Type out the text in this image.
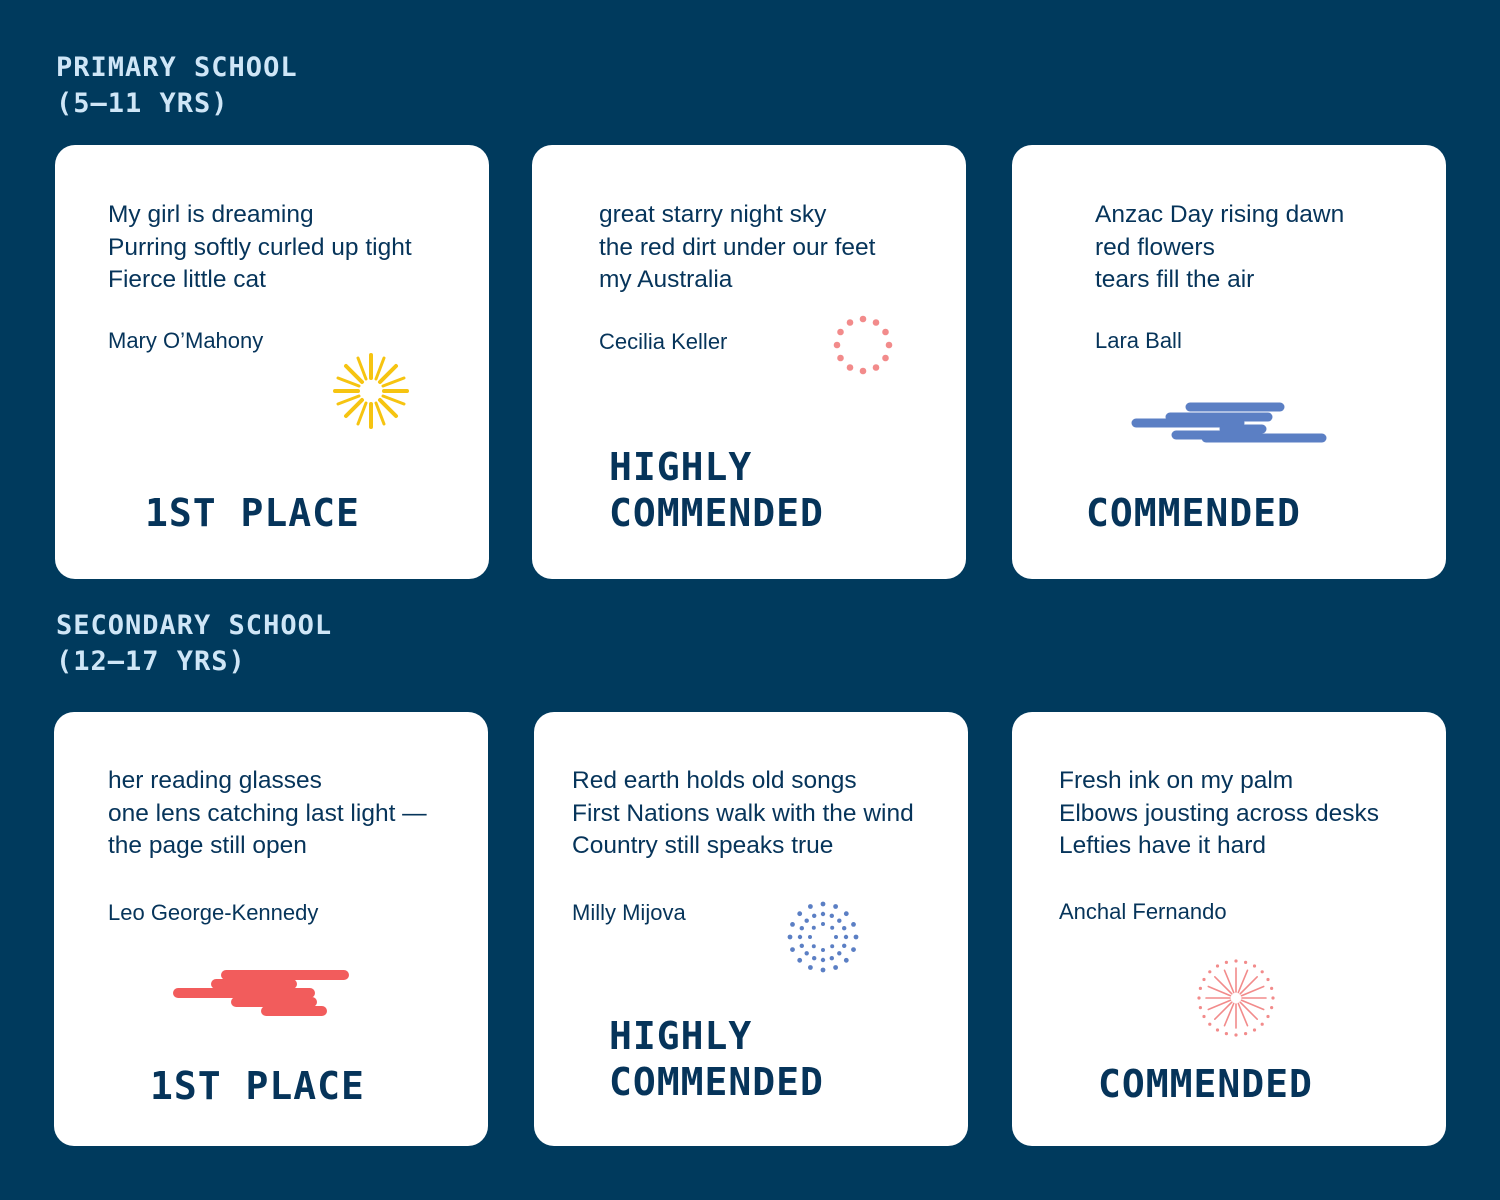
PRIMARY SCHOOL
(5–11 YRS)
My girl is dreaming
Purring softly curled up tight
Fierce little cat
Mary O’Mahony
1ST PLACE
great starry night sky
the red dirt under our feet
my Australia
Cecilia Keller
HIGHLY
COMMENDED
Anzac Day rising dawn
red flowers
tears fill the air
Lara Ball
COMMENDED
SECONDARY SCHOOL
(12–17 YRS)
her reading glasses
one lens catching last light —
the page still open
Leo George-Kennedy
1ST PLACE
Red earth holds old songs
First Nations walk with the wind
Country still speaks true
Milly Mijova
HIGHLY
COMMENDED
Fresh ink on my palm
Elbows jousting across desks
Lefties have it hard
Anchal Fernando
COMMENDED
